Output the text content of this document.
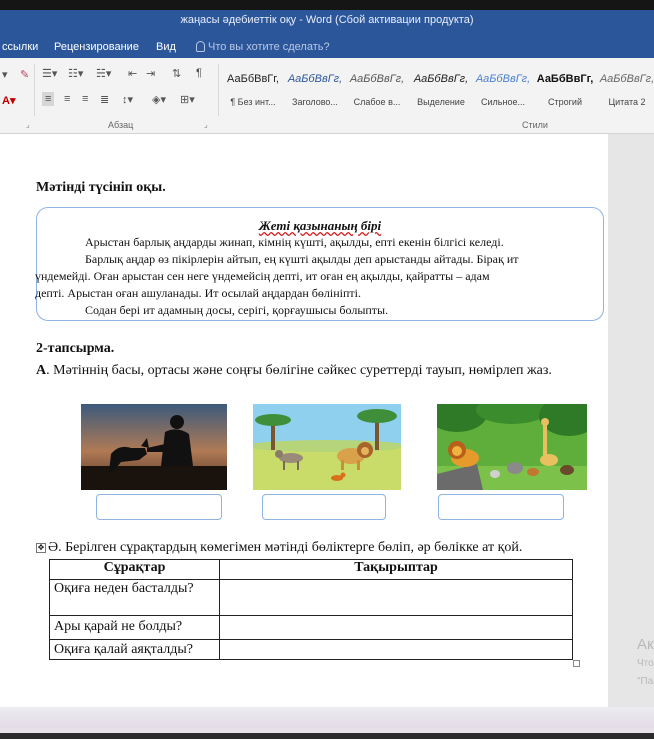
жаңасы әдебиеттік оқу - Word (Сбой активации продукта)
ссылки Рецензирование Вид	Что вы хотите сделать?
▾ ✎
A▾
☰▾ ☷▾ ☵▾ ⇤ ⇥ ⇅ ¶
≡ ≡ ≡ ≣ ↕▾ ◈▾ ⊞▾
Абзац
⌟	⌟
АаБбВвГг,
¶ Без инт...
АаБбВвГг,
Заголово...
АаБбВвГг,
Слабое в...
АаБбВвГг,
Выделение
АаБбВвГг,
Сильное...
АаБбВвГг,
Строгий
АаБбВвГг,
Цитата 2
Стили
Мәтінді түсініп оқы.
Жеті қазынаның бірі
Арыстан барлық аңдарды жинап, кімнің күшті, ақылды, епті екенін білгісі келеді.
Барлық аңдар өз пікірлерін айтып, ең күшті ақылды деп арыстанды айтады. Бірақ ит
үндемейді. Оған арыстан сен неге үндемейсің депті, ит оған ең ақылды, қайратты – адам
депті. Арыстан оған ашуланады. Ит осылай аңдардан бөлініпті.
Содан бері ит адамның досы, серігі, қорғаушысы болыпты.
2-тапсырма.
А. Мәтіннің басы, ортасы және соңғы бөлігіне сәйкес суреттерді тауып, нөмірлеп жаз.
✥ Ә. Берілген сұрақтардың көмегімен мәтінді бөліктерге бөліп, әр бөлікке ат қой.
Сұрақтар	Тақырыптар
Оқиға неден басталды?	
Ары қарай не болды?	
Оқиға қалай аяқталды?		Ак
Что
"Па
